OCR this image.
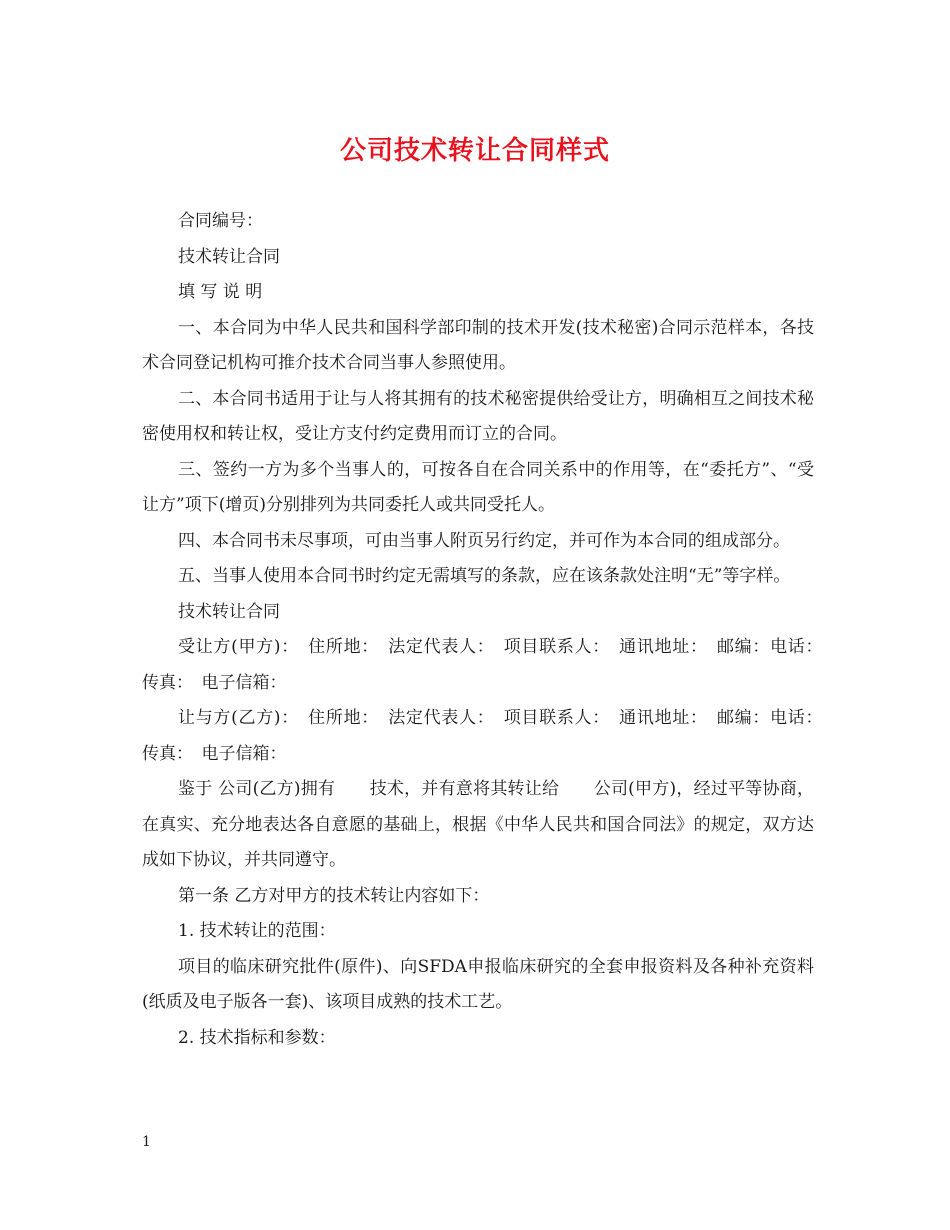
公司技术转让合同样式

合同编号：

技术转让合同

填 写 说 明

一、本合同为中华人民共和国科学部印制的技术开发(技术秘密)合同示范样本，各技术合同登记机构可推介技术合同当事人参照使用。

二、本合同书适用于让与人将其拥有的技术秘密提供给受让方，明确相互之间技术秘密使用权和转让权，受让方支付约定费用而订立的合同。

三、签约一方为多个当事人的，可按各自在合同关系中的作用等，在“委托方”、“受让方”项下(增页)分别排列为共同委托人或共同受托人。

四、本合同书未尽事项，可由当事人附页另行约定，并可作为本合同的组成部分。

五、当事人使用本合同书时约定无需填写的条款，应在该条款处注明“无”等字样。

技术转让合同

受让方(甲方)：　住所地：　法定代表人：　项目联系人：　通讯地址：　邮编：电话：　传真：　电子信箱：

让与方(乙方)：　住所地：　法定代表人：　项目联系人：　通讯地址：　邮编：电话：　传真：　电子信箱：

鉴于 公司(乙方)拥有　　技术，并有意将其转让给　　公司(甲方)，经过平等协商，在真实、充分地表达各自意愿的基础上，根据《中华人民共和国合同法》的规定，双方达成如下协议，并共同遵守。

第一条 乙方对甲方的技术转让内容如下：

1. 技术转让的范围：

项目的临床研究批件(原件)、向SFDA申报临床研究的全套申报资料及各种补充资料(纸质及电子版各一套)、该项目成熟的技术工艺。

2. 技术指标和参数：

1
